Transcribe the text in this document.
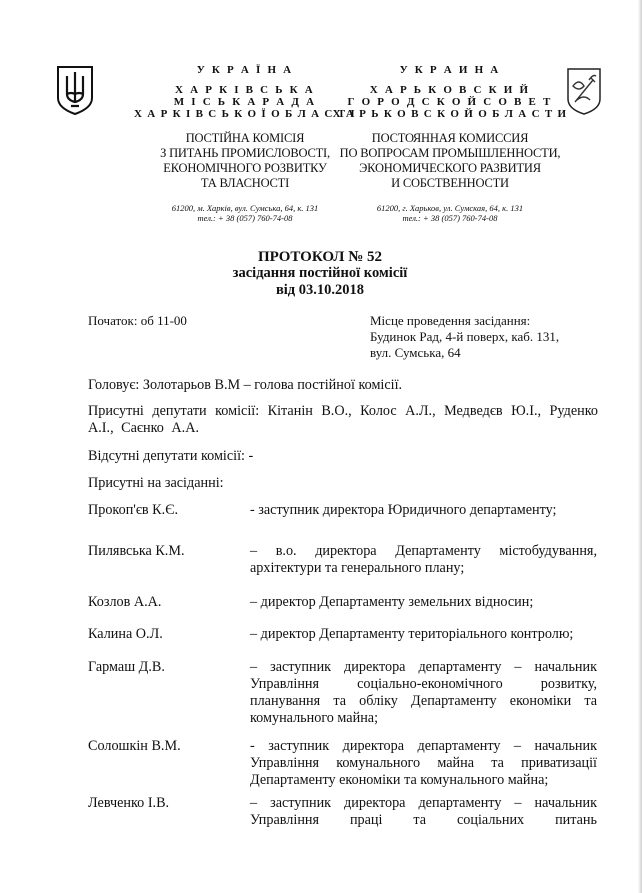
У К Р А Ї Н А
Х А Р К І В С Ь К А
М І С Ь К А Р А Д А
Х А Р К І В С Ь К О Ї О Б Л А С Т І
ПОСТІЙНА КОМІСІЯ
З ПИТАНЬ ПРОМИСЛОВОСТІ,
ЕКОНОМІЧНОГО РОЗВИТКУ
ТА ВЛАСНОСТІ
61200, м. Харків, вул. Сумська, 64, к. 131
тел.: + 38 (057) 760-74-08
У К Р А И Н А
Х А Р Ь К О В С К И Й
Г О Р О Д С К О Й С О В Е Т
Х А Р Ь К О В С К О Й О Б Л А С Т И
ПОСТОЯННАЯ КОМИССИЯ
ПО ВОПРОСАМ ПРОМЫШЛЕННОСТИ,
ЭКОНОМИЧЕСКОГО РАЗВИТИЯ
И СОБСТВЕННОСТИ
61200, г. Харьков, ул. Сумская, 64, к. 131
тел.: + 38 (057) 760-74-08
ПРОТОКОЛ № 52
засідання постійної комісії
від 03.10.2018
Початок: об 11-00	Місце проведення засідання:
Будинок Рад, 4-й поверх, каб. 131,
вул. Сумська, 64
Головує: Золотарьов В.М – голова постійної комісії.
Присутні депутати комісії: Кітанін В.О., Колос А.Л., Медведєв Ю.І., Руденко А.І., Саєнко А.А.
Відсутні депутати комісії: -
Присутні на засіданні:
Прокоп'єв К.Є.	- заступник директора Юридичного департаменту;
Пилявська К.М.	– в.о. директора Департаменту містобудування,
архітектури та генерального плану;
Козлов А.А.	– директор Департаменту земельних відносин;
Калина О.Л.	– директор Департаменту територіального контролю;
Гармаш Д.В.	– заступник директора департаменту – начальник
Управління соціально-економічного розвитку,
планування та обліку Департаменту економіки та
комунального майна;
Солошкін В.М.	- заступник директора департаменту – начальник
Управління комунального майна та приватизації
Департаменту економіки та комунального майна;
Левченко І.В.	– заступник директора департаменту – начальник
Управління праці та соціальних питань
